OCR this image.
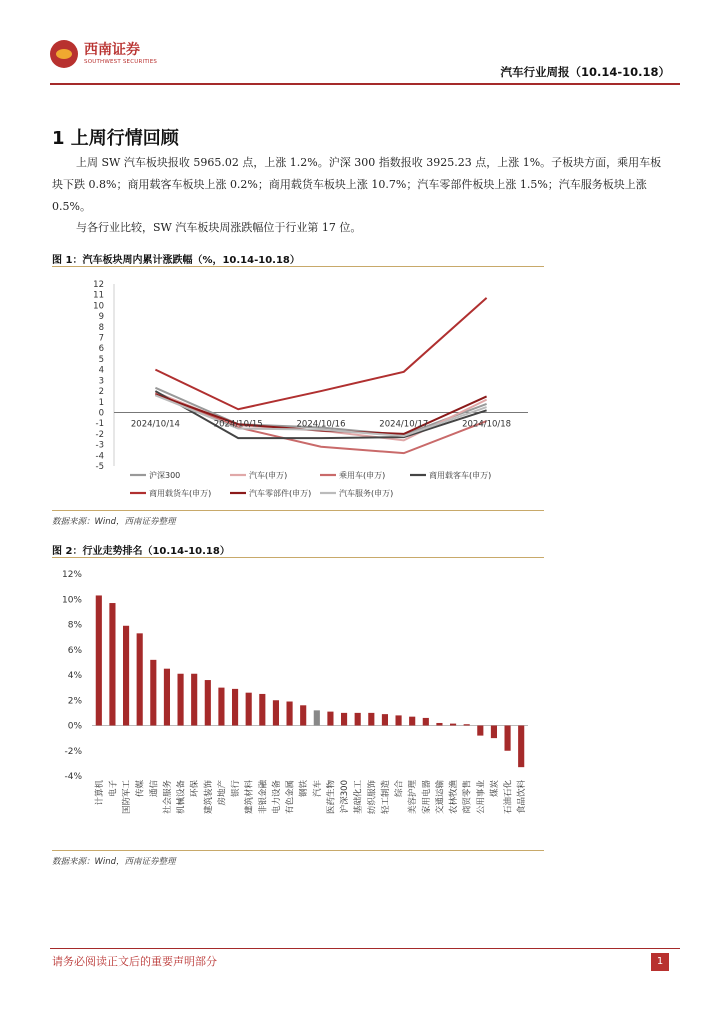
西南证券
SOUTHWEST SECURITIES
汽车行业周报（10.14-10.18）
1 上周行情回顾
上周 SW 汽车板块报收 5965.02 点，上涨 1.2%。沪深 300 指数报收 3925.23 点，上涨 1%。子板块方面，乘用车板块下跌 0.8%；商用载客车板块上涨 0.2%；商用载货车板块上涨 10.7%；汽车零部件板块上涨 1.5%；汽车服务板块上涨 0.5%。
与各行业比较，SW 汽车板块周涨跌幅位于行业第 17 位。
图 1：汽车板块周内累计涨跌幅（%，10.14-10.18）
12
11
10
9
8
7
6
5
4
3
2
1
0
-1
-2
-3
-4
-5
2024/10/14	2024/10/15	2024/10/16	2024/10/17	2024/10/18
沪深300	汽车(申万)	乘用车(申万)	商用载客车(申万)
商用载货车(申万)	汽车零部件(申万)	汽车服务(申万)
数据来源：Wind，西南证券整理
图 2：行业走势排名（10.14-10.18）
12%
10%
8%
6%
4%
2%
0%
-2%
-4%
计算机 电子 国防军工 传媒 通信 社会服务 机械设备 环保 建筑装饰 房地产 银行 建筑材料 非银金融 电力设备 有色金属 钢铁 汽车 医药生物 沪深300 基础化工 纺织服饰 轻工制造 综合 美容护理 家用电器 交通运输 农林牧渔 商贸零售 公用事业 煤炭 石油石化 食品饮料
数据来源：Wind，西南证券整理
请务必阅读正文后的重要声明部分	1
